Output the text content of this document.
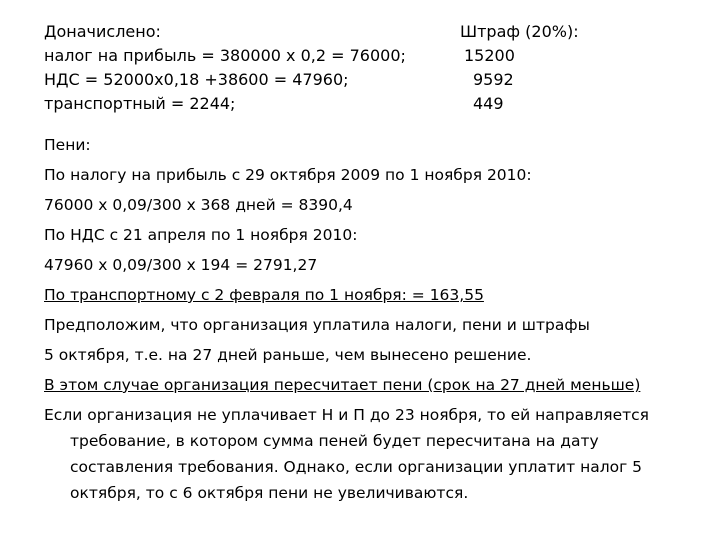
Доначислено:
налог на прибыль = 380000 х 0,2 = 76000;
НДС = 52000х0,18 +38600 = 47960;
транспортный = 2244;
Штраф (20%):
15200
9592
449
Пени:
По налогу на прибыль с 29 октября 2009 по 1 ноября 2010:
76000 х 0,09/300 х 368 дней = 8390,4
По НДС с 21 апреля по 1 ноября 2010:
47960 х 0,09/300 х 194 = 2791,27
По транспортному с 2 февраля по 1 ноября: = 163,55
Предположим, что организация уплатила налоги, пени и штрафы
5 октября, т.е. на 27 дней раньше, чем вынесено решение.
В этом случае организация пересчитает пени (срок на 27 дней меньше)
Если организация не уплачивает Н и П до 23 ноября, то ей направляется
требование, в котором сумма пеней будет пересчитана на дату
составления требования. Однако, если организации уплатит налог 5
октября, то с 6 октября пени не увеличиваются.
